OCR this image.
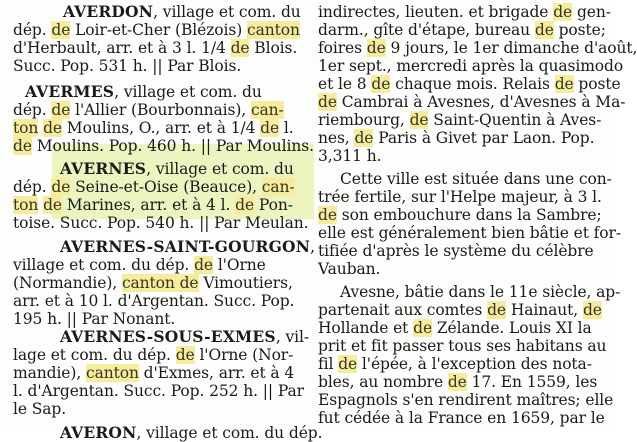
AVERDON, village et com. du
dép. de Loir-et-Cher (Blézois) canton
d'Herbault, arr. et à 3 l. 1/4 de Blois.
Succ. Pop. 531 h. || Par Blois.
AVERMES, village et com. du
dép. de l'Allier (Bourbonnais), can-
ton de Moulins, O., arr. et à 1/4 de l.
de Moulins. Pop. 460 h. || Par Moulins.
AVERNES, village et com. du
dép. de Seine-et-Oise (Beauce), can-
ton de Marines, arr. et à 4 l. de Pon-
toise. Succ. Pop. 540 h. || Par Meulan.
AVERNES-SAINT-GOURGON,
village et com. du dép. de l'Orne
(Normandie), canton de Vimoutiers,
arr. et à 10 l. d'Argentan. Succ. Pop.
195 h. || Par Nonant.
AVERNES-SOUS-EXMES, vil-
lage et com. du dép. de l'Orne (Nor-
mandie), canton d'Exmes, arr. et à 4
l. d'Argentan. Succ. Pop. 252 h. || Par
le Sap.
AVERON, village et com. du dép.
indirectes, lieuten. et brigade de gen-
darm., gîte d'étape, bureau de poste;
foires de 9 jours, le 1er dimanche d'août,
1er sept., mercredi après la quasimodo
et le 8 de chaque mois. Relais de poste
de Cambrai à Avesnes, d'Avesnes à Ma-
riembourg, de Saint-Quentin à Aves-
nes, de Paris à Givet par Laon. Pop.
3,311 h.
Cette ville est située dans une con-
trée fertile, sur l'Helpe majeur, à 3 l.
de son embouchure dans la Sambre;
elle est généralement bien bâtie et for-
tifiée d'après le système du célèbre
Vauban.
Avesne, bâtie dans le 11e siècle, ap-
partenait aux comtes de Hainaut, de
Hollande et de Zélande. Louis XI la
prit et fit passer tous ses habitans au
fil de l'épée, à l'exception des nota-
bles, au nombre de 17. En 1559, les
Espagnols s'en rendirent maîtres; elle
fut cédée à la France en 1659, par le
